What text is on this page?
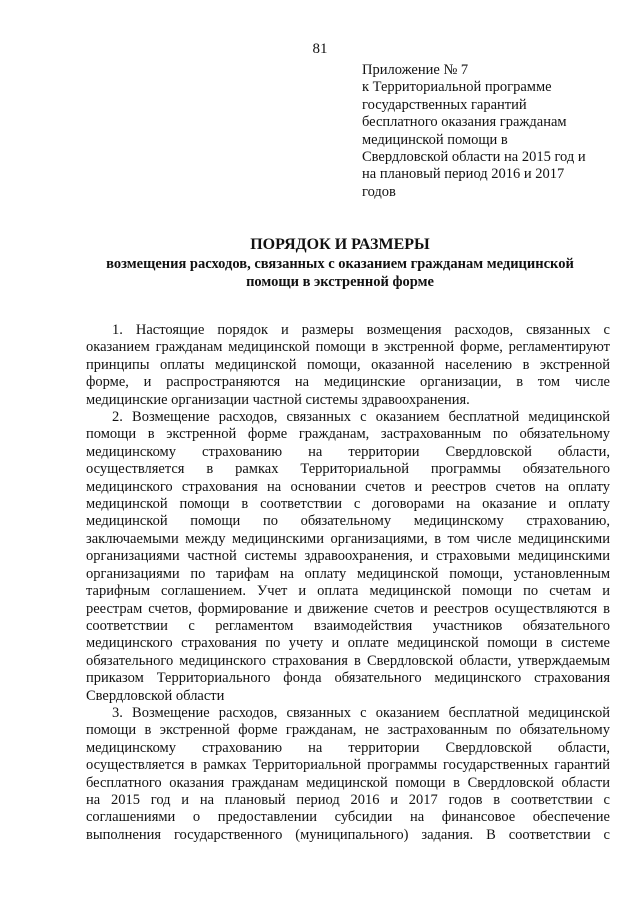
81
Приложение № 7
к Территориальной программе
государственных гарантий
бесплатного оказания гражданам
медицинской помощи в
Свердловской области на 2015 год и
на плановый период 2016 и 2017
годов
ПОРЯДОК И РАЗМЕРЫ
возмещения расходов, связанных с оказанием гражданам медицинской
помощи в экстренной форме
1. Настоящие порядок и размеры возмещения расходов, связанных с
оказанием гражданам медицинской помощи в экстренной форме, регламентируют
принципы оплаты медицинской помощи, оказанной населению в экстренной
форме, и распространяются на медицинские организации, в том числе
медицинские организации частной системы здравоохранения.
2. Возмещение расходов, связанных с оказанием бесплатной медицинской
помощи в экстренной форме гражданам, застрахованным по обязательному
медицинскому страхованию на территории Свердловской области,
осуществляется в рамках Территориальной программы обязательного
медицинского страхования на основании счетов и реестров счетов на оплату
медицинской помощи в соответствии с договорами на оказание и оплату
медицинской помощи по обязательному медицинскому страхованию,
заключаемыми между медицинскими организациями, в том числе медицинскими
организациями частной системы здравоохранения, и страховыми медицинскими
организациями по тарифам на оплату медицинской помощи, установленным
тарифным соглашением. Учет и оплата медицинской помощи по счетам и
реестрам счетов, формирование и движение счетов и реестров осуществляются в
соответствии с регламентом взаимодействия участников обязательного
медицинского страхования по учету и оплате медицинской помощи в системе
обязательного медицинского страхования в Свердловской области, утверждаемым
приказом Территориального фонда обязательного медицинского страхования
Свердловской области
3. Возмещение расходов, связанных с оказанием бесплатной медицинской
помощи в экстренной форме гражданам, не застрахованным по обязательному
медицинскому страхованию на территории Свердловской области,
осуществляется в рамках Территориальной программы государственных гарантий
бесплатного оказания гражданам медицинской помощи в Свердловской области
на 2015 год и на плановый период 2016 и 2017 годов в соответствии с
соглашениями о предоставлении субсидии на финансовое обеспечение
выполнения государственного (муниципального) задания. В соответствии с
